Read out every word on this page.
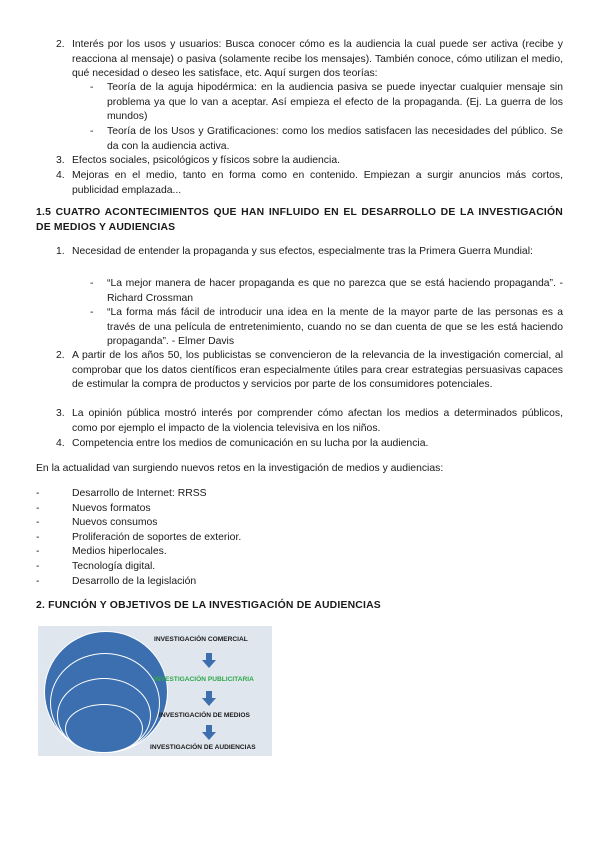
2. Interés por los usos y usuarios: Busca conocer cómo es la audiencia la cual puede ser activa (recibe y reacciona al mensaje) o pasiva (solamente recibe los mensajes). También conoce, cómo utilizan el medio, qué necesidad o deseo les satisface, etc. Aquí surgen dos teorías:
- Teoría de la aguja hipodérmica: en la audiencia pasiva se puede inyectar cualquier mensaje sin problema ya que lo van a aceptar. Así empieza el efecto de la propaganda. (Ej. La guerra de los mundos)
- Teoría de los Usos y Gratificaciones: como los medios satisfacen las necesidades del público. Se da con la audiencia activa.
3. Efectos sociales, psicológicos y físicos sobre la audiencia.
4. Mejoras en el medio, tanto en forma como en contenido. Empiezan a surgir anuncios más cortos, publicidad emplazada...
1.5 CUATRO ACONTECIMIENTOS QUE HAN INFLUIDO EN EL DESARROLLO DE LA INVESTIGACIÓN DE MEDIOS Y AUDIENCIAS
1. Necesidad de entender la propaganda y sus efectos, especialmente tras la Primera Guerra Mundial:
- “La mejor manera de hacer propaganda es que no parezca que se está haciendo propaganda”. - Richard Crossman
- “La forma más fácil de introducir una idea en la mente de la mayor parte de las personas es a través de una película de entretenimiento, cuando no se dan cuenta de que se les está haciendo propaganda”. - Elmer Davis
2. A partir de los años 50, los publicistas se convencieron de la relevancia de la investigación comercial, al comprobar que los datos científicos eran especialmente útiles para crear estrategias persuasivas capaces de estimular la compra de productos y servicios por parte de los consumidores potenciales.
3. La opinión pública mostró interés por comprender cómo afectan los medios a determinados públicos, como por ejemplo el impacto de la violencia televisiva en los niños.
4. Competencia entre los medios de comunicación en su lucha por la audiencia.
En la actualidad van surgiendo nuevos retos en la investigación de medios y audiencias:
-	Desarrollo de Internet: RRSS
-	Nuevos formatos
-	Nuevos consumos
-	Proliferación de soportes de exterior.
-	Medios hiperlocales.
-	Tecnología digital.
-	Desarrollo de la legislación
2. FUNCIÓN Y OBJETIVOS DE LA INVESTIGACIÓN DE AUDIENCIAS
INVESTIGACIÓN COMERCIAL
INVESTIGACIÓN PUBLICITARIA
INVESTIGACIÓN DE MEDIOS
INVESTIGACIÓN DE AUDIENCIAS
